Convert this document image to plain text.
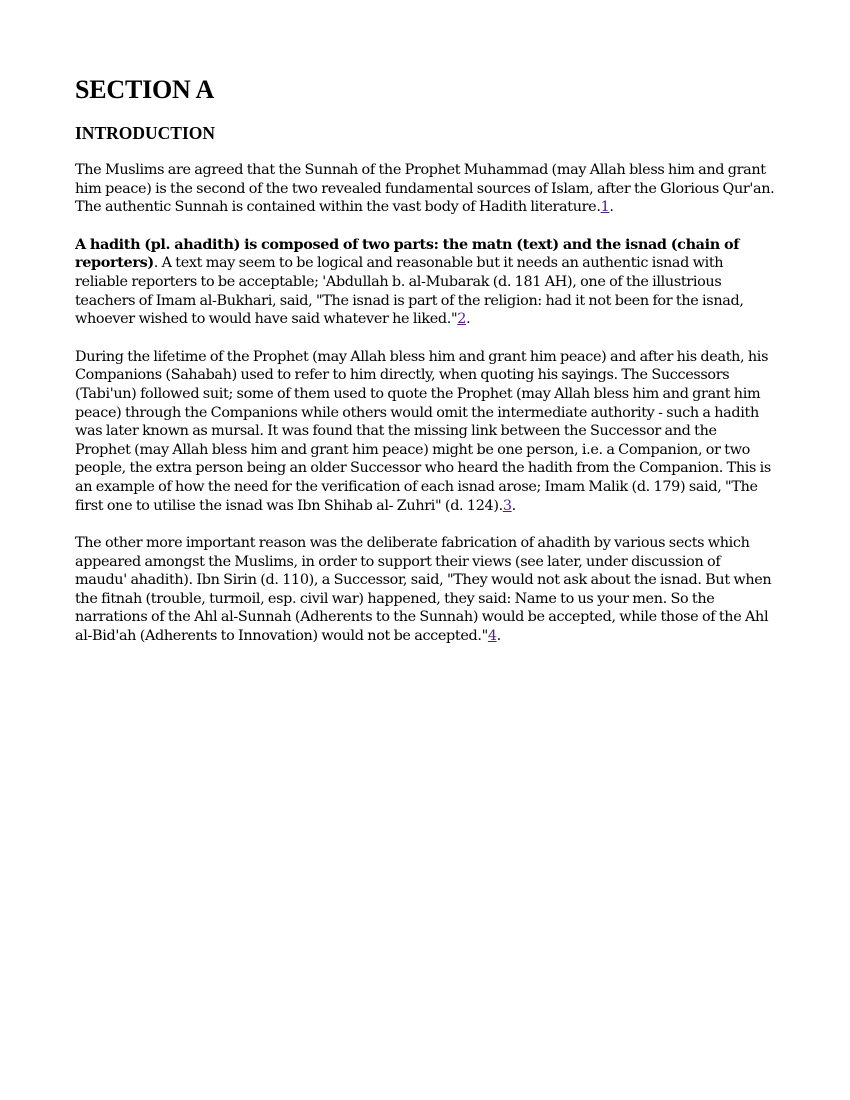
SECTION A
INTRODUCTION

The Muslims are agreed that the Sunnah of the Prophet Muhammad (may Allah bless him and grant him peace) is the second of the two revealed fundamental sources of Islam, after the Glorious Qur'an. The authentic Sunnah is contained within the vast body of Hadith literature.1.

A hadith (pl. ahadith) is composed of two parts: the matn (text) and the isnad (chain of reporters). A text may seem to be logical and reasonable but it needs an authentic isnad with reliable reporters to be acceptable; 'Abdullah b. al-Mubarak (d. 181 AH), one of the illustrious teachers of Imam al-Bukhari, said, "The isnad is part of the religion: had it not been for the isnad, whoever wished to would have said whatever he liked."2.

During the lifetime of the Prophet (may Allah bless him and grant him peace) and after his death, his Companions (Sahabah) used to refer to him directly, when quoting his sayings. The Successors (Tabi'un) followed suit; some of them used to quote the Prophet (may Allah bless him and grant him peace) through the Companions while others would omit the intermediate authority - such a hadith was later known as mursal. It was found that the missing link between the Successor and the Prophet (may Allah bless him and grant him peace) might be one person, i.e. a Companion, or two people, the extra person being an older Successor who heard the hadith from the Companion. This is an example of how the need for the verification of each isnad arose; Imam Malik (d. 179) said, "The first one to utilise the isnad was Ibn Shihab al- Zuhri" (d. 124).3.

The other more important reason was the deliberate fabrication of ahadith by various sects which appeared amongst the Muslims, in order to support their views (see later, under discussion of maudu' ahadith). Ibn Sirin (d. 110), a Successor, said, "They would not ask about the isnad. But when the fitnah (trouble, turmoil, esp. civil war) happened, they said: Name to us your men. So the narrations of the Ahl al-Sunnah (Adherents to the Sunnah) would be accepted, while those of the Ahl al-Bid'ah (Adherents to Innovation) would not be accepted."4.
